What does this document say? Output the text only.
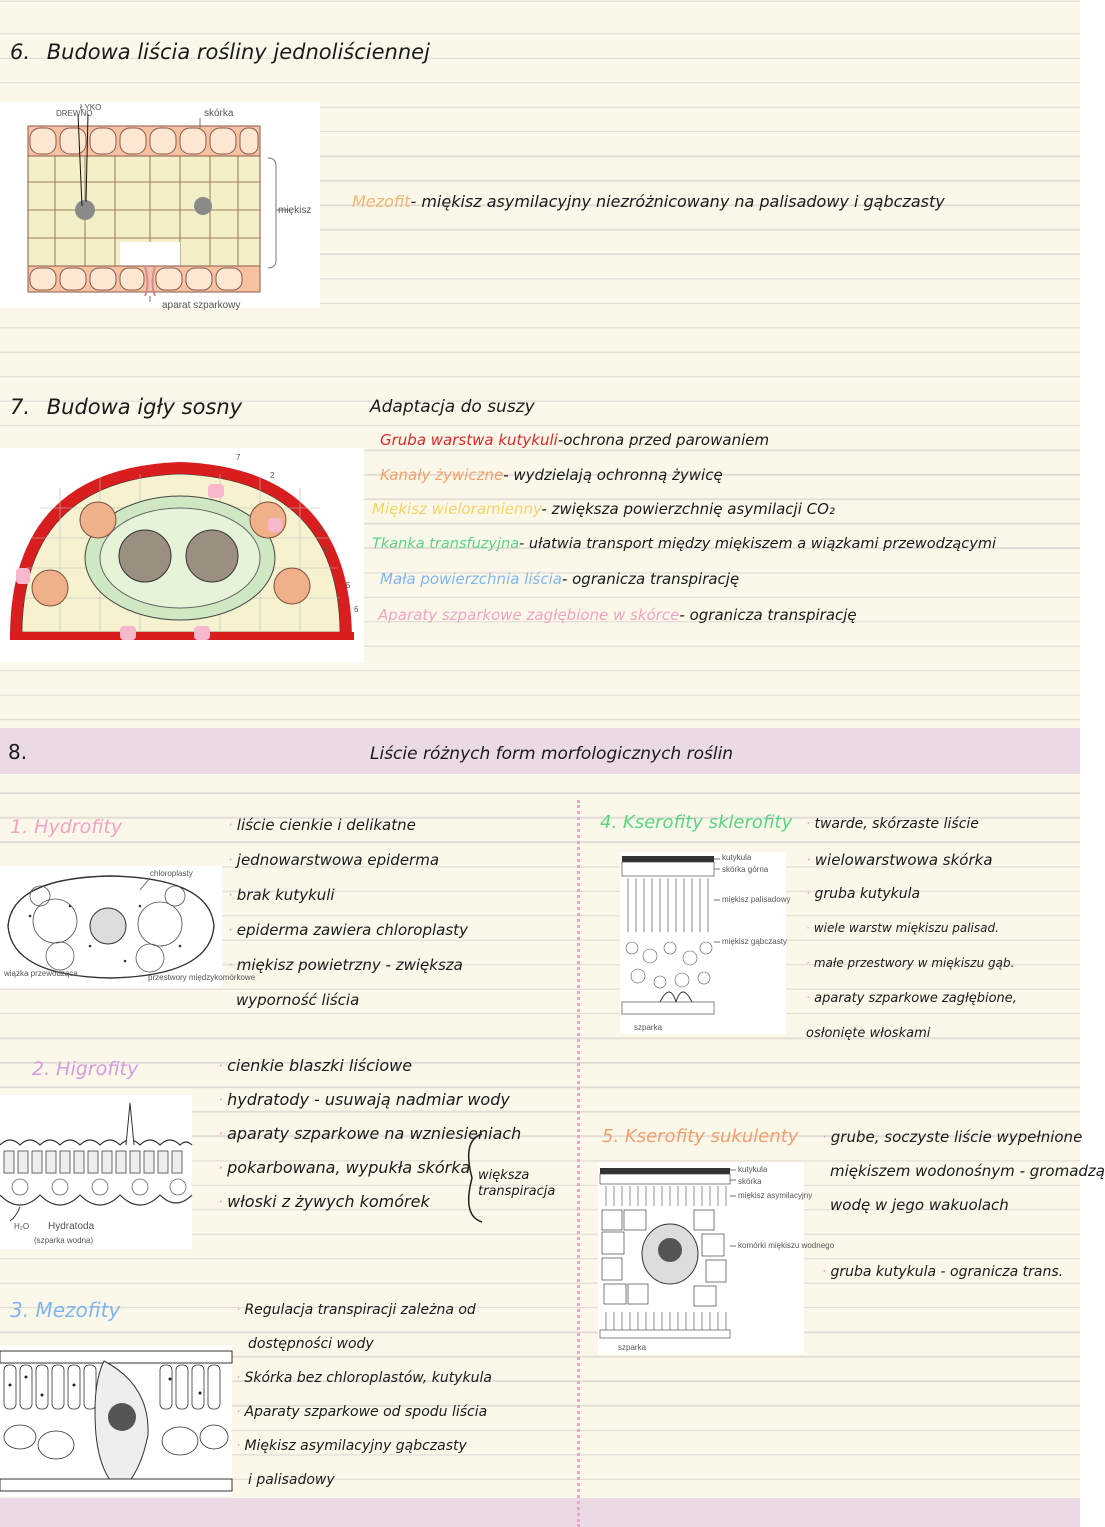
6. Budowa liścia rośliny jednoliściennej
skórka
miękisz
aparat szparkowy
DREWNO
ŁYKO
Mezofit- miękisz asymilacyjny niezróżnicowany na palisadowy i gąbczasty
7. Budowa igły sosny
7
2
3
4
5
6
Adaptacja do suszy
Gruba warstwa kutykuli-ochrona przed parowaniem
Kanały żywiczne- wydzielają ochronną żywicę
Miękisz wieloramienny- zwiększa powierzchnię asymilacji CO₂
Tkanka transfuzyjna- ułatwia transport między miękiszem a wiązkami przewodzącymi
Mała powierzchnia liścia- ogranicza transpirację
Aparaty szparkowe zagłębione w skórce- ogranicza transpirację
8.	Liście różnych form morfologicznych roślin
1. Hydrofity
chloroplasty
wiązka przewodząca	przestwory międzykomórkowe
· liście cienkie i delikatne
· jednowarstwowa epiderma
· brak kutykuli
· epiderma zawiera chloroplasty
· miękisz powietrzny - zwiększa
wyporność liścia
2. Higrofity
H₂O Hydratoda
(szparka wodna)
· cienkie blaszki liściowe
· hydratody - usuwają nadmiar wody
· aparaty szparkowe na wzniesieniach
· pokarbowana, wypukła skórka
· włoski z żywych komórek
większa transpiracja
3. Mezofity
·	Regulacja transpiracji zależna od
dostępności wody
· Skórka bez chloroplastów, kutykula
· Aparaty szparkowe od spodu liścia
· Miękisz asymilacyjny gąbczasty
i palisadowy
4. Kserofity sklerofity
kutykula
skórka górna
miękisz palisadowy
miękisz gąbczasty
szparka
· twarde, skórzaste liście
· wielowarstwowa skórka
· gruba kutykula
· wiele warstw miękiszu palisad.
· małe przestwory w miękiszu gąb.
· aparaty szparkowe zagłębione,
osłonięte włoskami
5. Kserofity sukulenty
kutykula
skórka
miękisz asymilacyjny
komórki miękiszu wodnego
szparka
· grube, soczyste liście wypełnione
miękiszem wodonośnym - gromadzą
wodę w jego wakuolach
· gruba kutykula - ogranicza trans.
